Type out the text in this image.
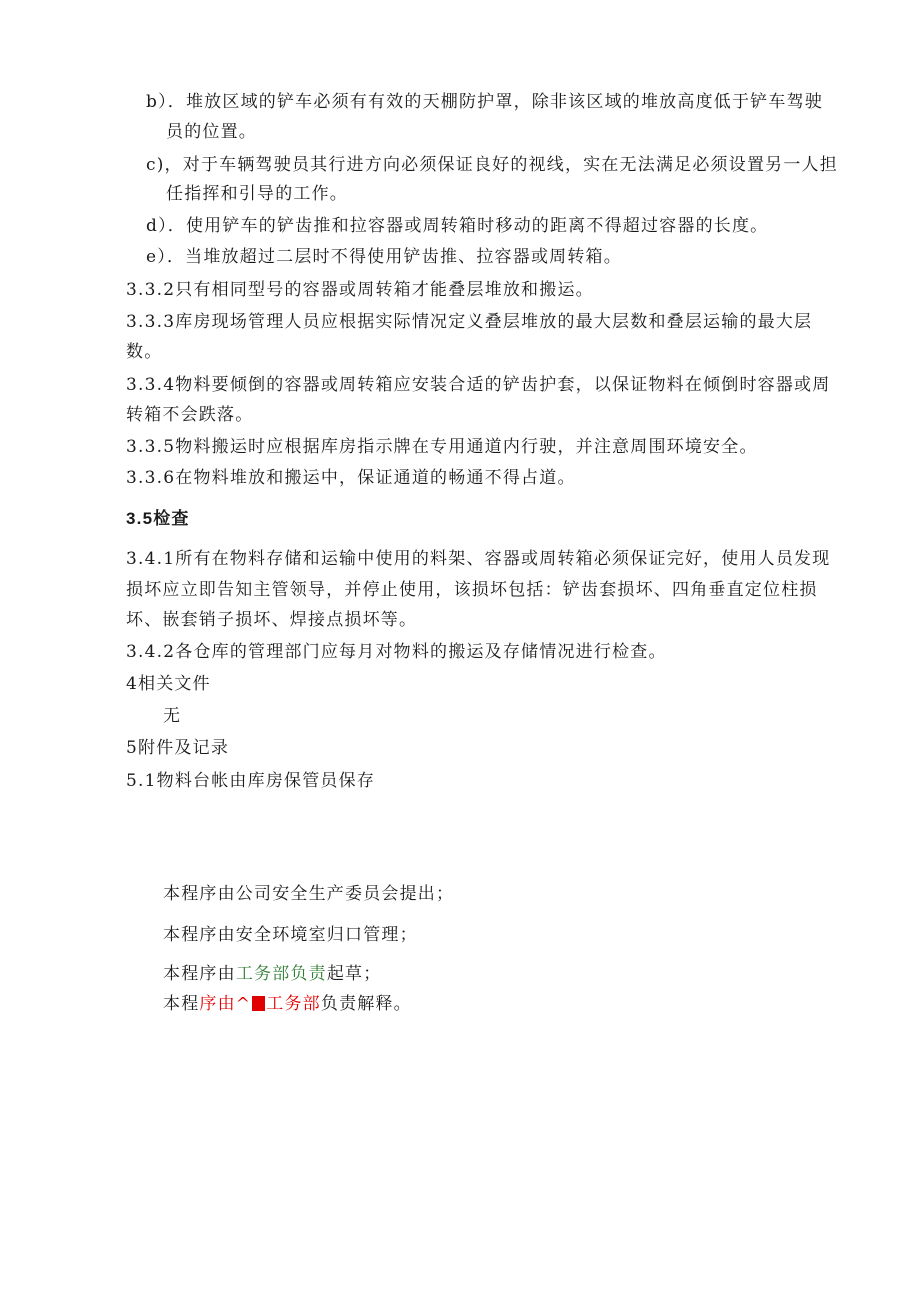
b）．堆放区域的铲车必须有有效的天棚防护罩，除非该区域的堆放高度低于铲车驾驶
员的位置。
c)，对于车辆驾驶员其行进方向必须保证良好的视线，实在无法满足必须设置另一人担
任指挥和引导的工作。
d）．使用铲车的铲齿推和拉容器或周转箱时移动的距离不得超过容器的长度。
e）．当堆放超过二层时不得使用铲齿推、拉容器或周转箱。
3.3.2只有相同型号的容器或周转箱才能叠层堆放和搬运。
3.3.3库房现场管理人员应根据实际情况定义叠层堆放的最大层数和叠层运输的最大层
数。
3.3.4物料要倾倒的容器或周转箱应安装合适的铲齿护套，以保证物料在倾倒时容器或周
转箱不会跌落。
3.3.5物料搬运时应根据库房指示牌在专用通道内行驶，并注意周围环境安全。
3.3.6在物料堆放和搬运中，保证通道的畅通不得占道。
3.5检查
3.4.1所有在物料存储和运输中使用的料架、容器或周转箱必须保证完好，使用人员发现
损坏应立即告知主管领导，并停止使用，该损坏包括：铲齿套损坏、四角垂直定位柱损
坏、嵌套销子损坏、焊接点损坏等。
3.4.2各仓库的管理部门应每月对物料的搬运及存储情况进行检查。
4相关文件
无
5附件及记录
5.1物料台帐由库房保管员保存
本程序由公司安全生产委员会提出；
本程序由安全环境室归口管理；
本程序由工务部负责起草；
本程序由^ 工务部负责解释。
